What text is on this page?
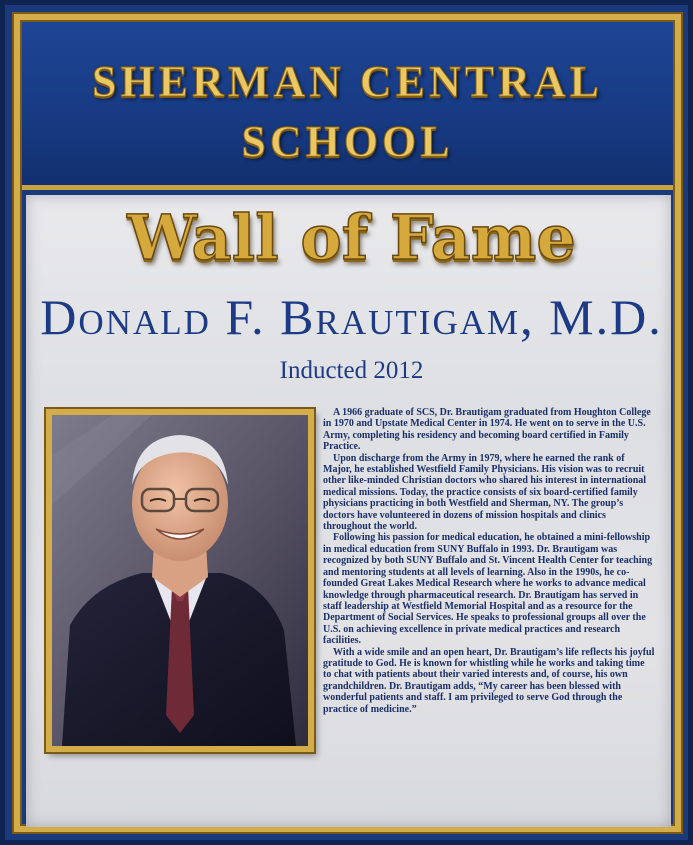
SHERMAN CENTRAL
SCHOOL
Wall of Fame
Donald F. Brautigam, M.D.
Inducted 2012

A 1966 graduate of SCS, Dr. Brautigam graduated from Houghton College in 1970 and Upstate Medical Center in 1974. He went on to serve in the U.S. Army, completing his residency and becoming board certified in Family Practice.

Upon discharge from the Army in 1979, where he earned the rank of Major, he established Westfield Family Physicians. His vision was to recruit other like-minded Christian doctors who shared his interest in international medical missions. Today, the practice consists of six board-certified family physicians practicing in both Westfield and Sherman, NY. The group’s doctors have volunteered in dozens of mission hospitals and clinics throughout the world.

Following his passion for medical education, he obtained a mini-fellowship in medical education from SUNY Buffalo in 1993. Dr. Brautigam was recognized by both SUNY Buffalo and St. Vincent Health Center for teaching and mentoring students at all levels of learning. Also in the 1990s, he co-founded Great Lakes Medical Research where he works to advance medical knowledge through pharmaceutical research. Dr. Brautigam has served in staff leadership at Westfield Memorial Hospital and as a resource for the Department of Social Services. He speaks to professional groups all over the U.S. on achieving excellence in private medical practices and research facilities.

With a wide smile and an open heart, Dr. Brautigam’s life reflects his joyful gratitude to God. He is known for whistling while he works and taking time to chat with patients about their varied interests and, of course, his own grandchildren. Dr. Brautigam adds, “My career has been blessed with wonderful patients and staff. I am privileged to serve God through the practice of medicine.”
